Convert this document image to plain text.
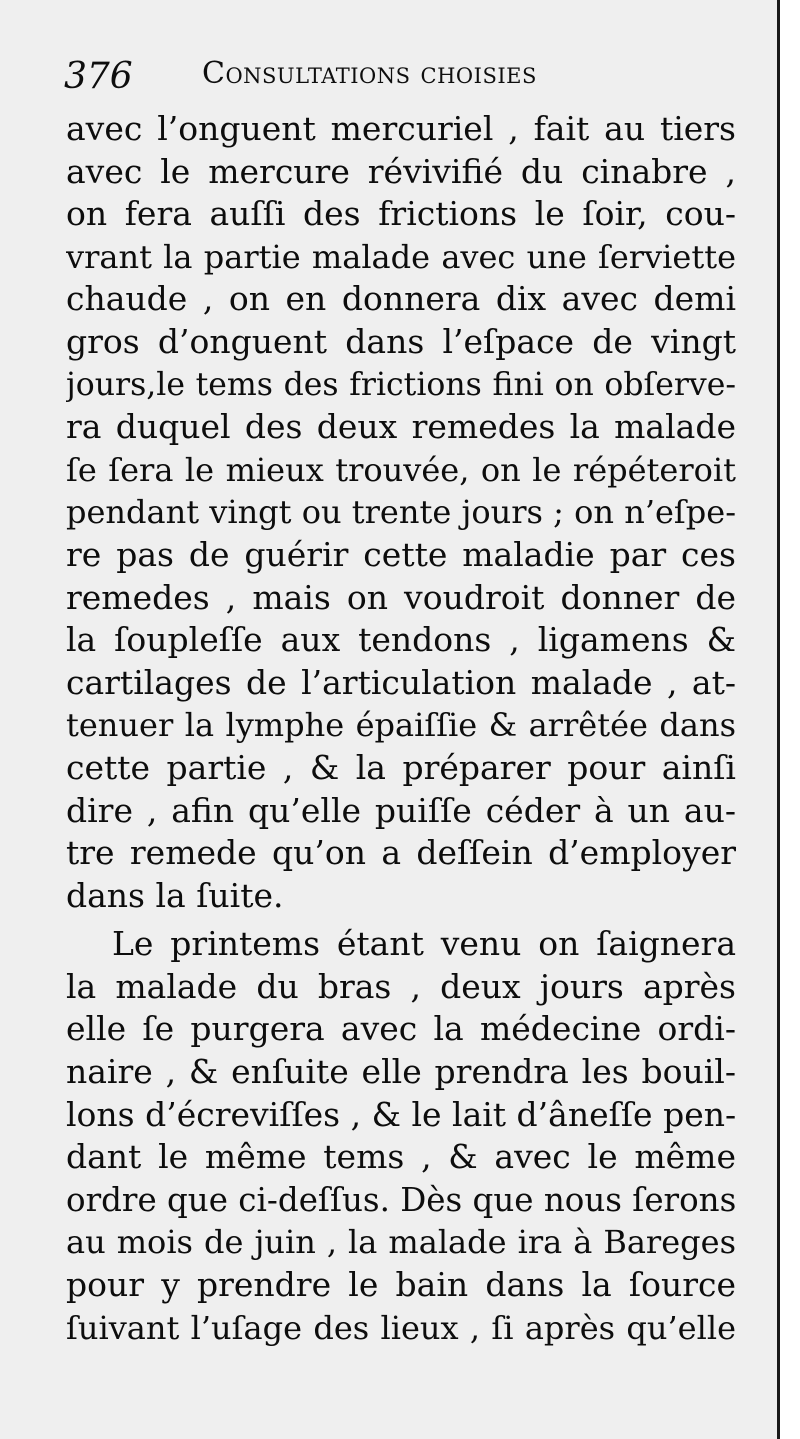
376 Consultations choisies
avec l’onguent mercuriel , fait au tiers
avec le mercure révivifié du cinabre ,
on fera auſſi des frictions le ſoir, cou-
vrant la partie malade avec une ſerviette
chaude , on en donnera dix avec demi
gros d’onguent dans l’eſpace de vingt
jours,le tems des frictions fini on obſerve-
ra duquel des deux remedes la malade
ſe ſera le mieux trouvée, on le répéteroit
pendant vingt ou trente jours ; on n’eſpe-
re pas de guérir cette maladie par ces
remedes , mais on voudroit donner de
la ſoupleſſe aux tendons , ligamens &
cartilages de l’articulation malade , at-
tenuer la lymphe épaiſſie & arrêtée dans
cette partie , & la préparer pour ainſi
dire , afin qu’elle puiſſe céder à un au-
tre remede qu’on a deſſein d’employer
dans la ſuite.
Le printems étant venu on ſaignera
la malade du bras , deux jours après
elle ſe purgera avec la médecine ordi-
naire , & enſuite elle prendra les bouil-
lons d’écreviſſes , & le lait d’âneſſe pen-
dant le même tems , & avec le même
ordre que ci-deſſus. Dès que nous ſerons
au mois de juin , la malade ira à Bareges
pour y prendre le bain dans la ſource
ſuivant l’uſage des lieux , ſi après qu’elle
